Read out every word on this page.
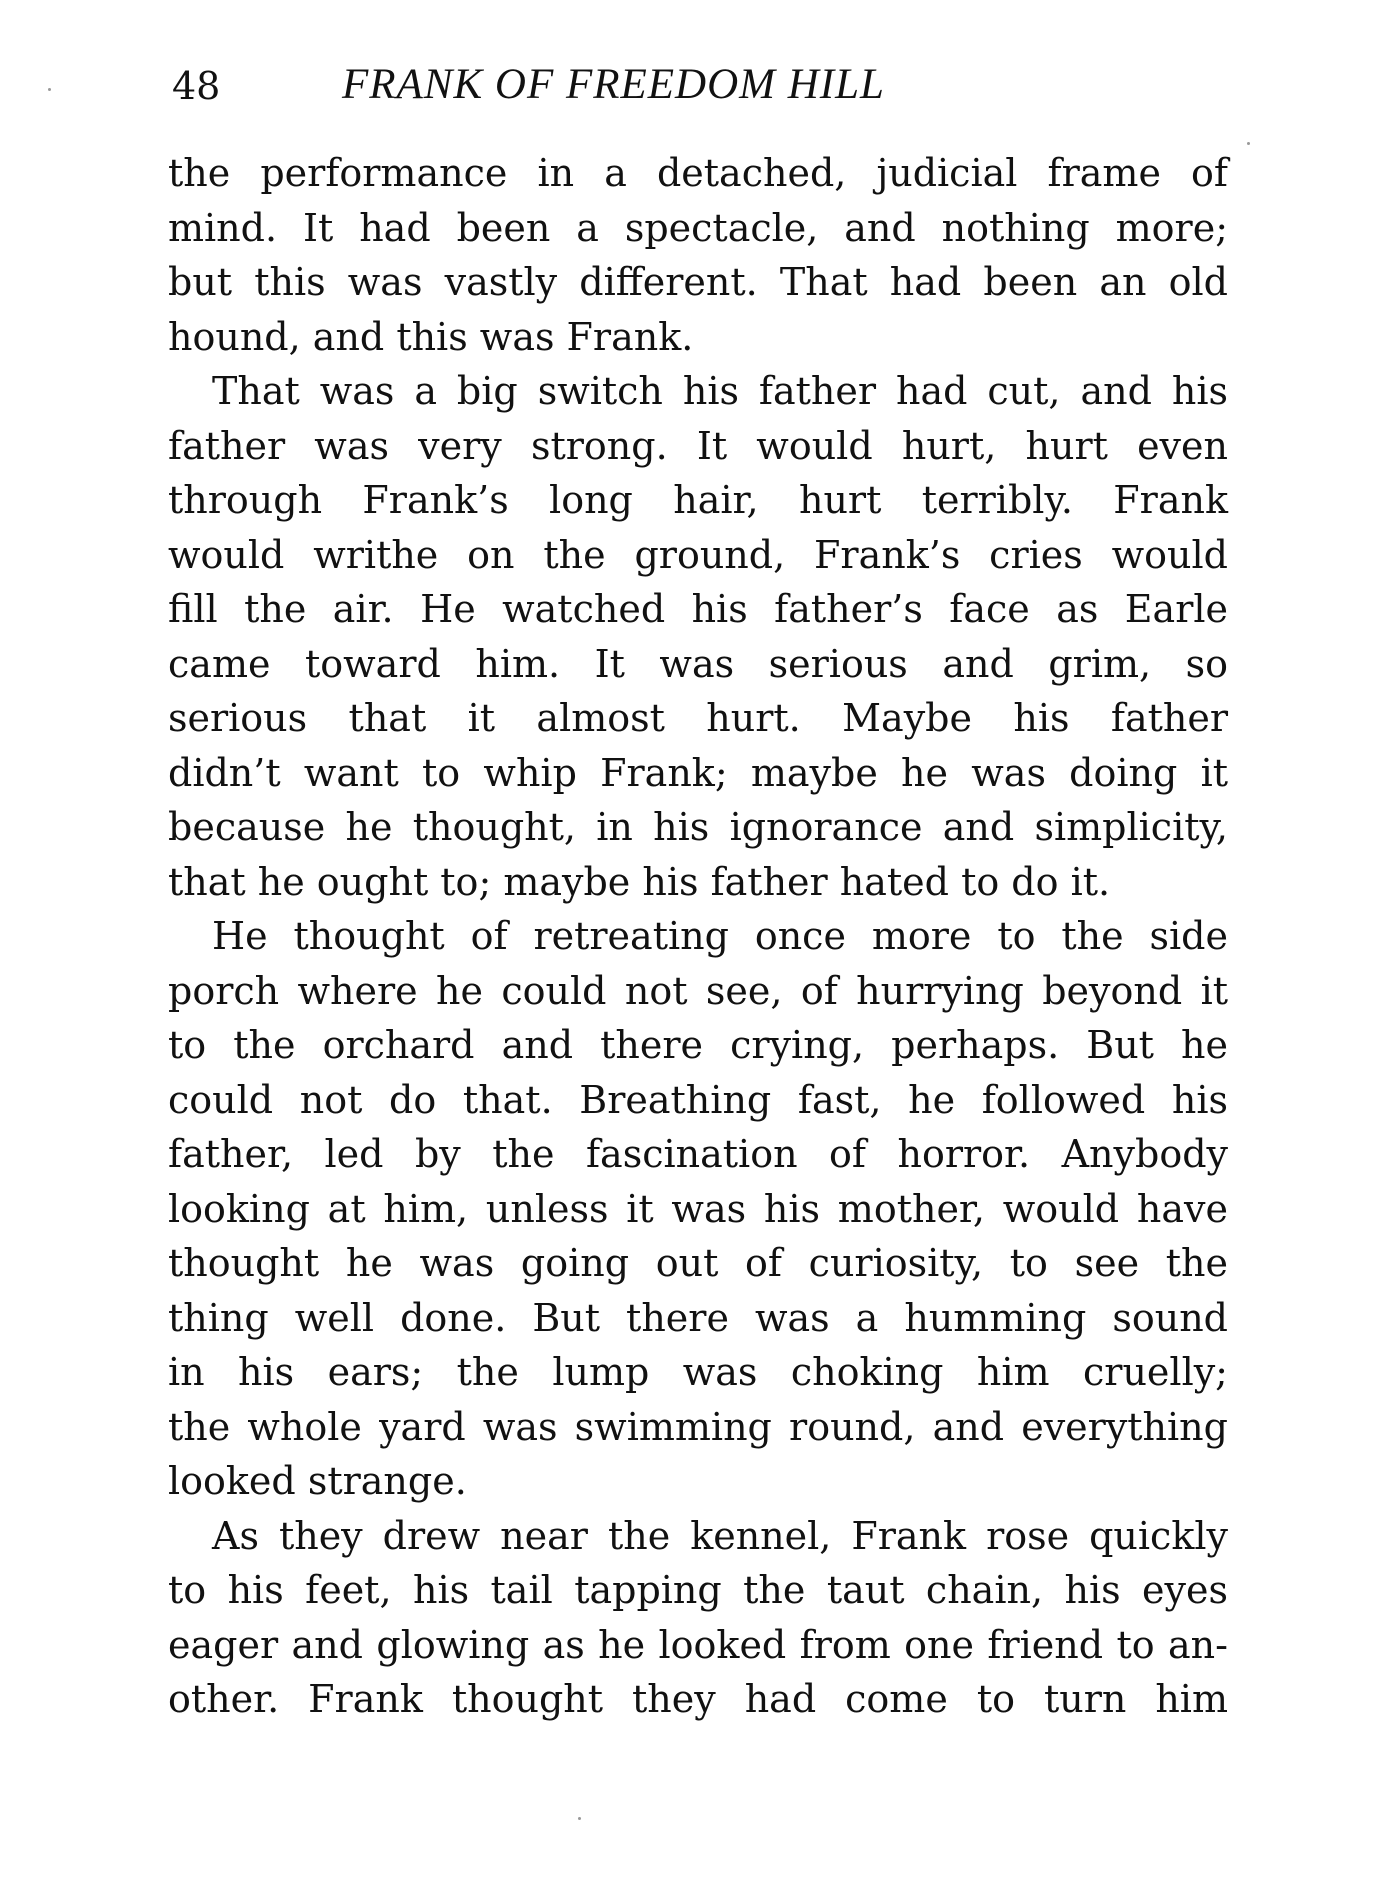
48	FRANK OF FREEDOM HILL
the performance in a detached, judicial frame of
mind. It had been a spectacle, and nothing more;
but this was vastly different. That had been an old
hound, and this was Frank.
That was a big switch his father had cut, and his
father was very strong. It would hurt, hurt even
through Frank’s long hair, hurt terribly. Frank
would writhe on the ground, Frank’s cries would
fill the air. He watched his father’s face as Earle
came toward him. It was serious and grim, so
serious that it almost hurt. Maybe his father
didn’t want to whip Frank; maybe he was doing it
because he thought, in his ignorance and simplicity,
that he ought to; maybe his father hated to do it.
He thought of retreating once more to the side
porch where he could not see, of hurrying beyond it
to the orchard and there crying, perhaps. But he
could not do that. Breathing fast, he followed his
father, led by the fascination of horror. Anybody
looking at him, unless it was his mother, would have
thought he was going out of curiosity, to see the
thing well done. But there was a humming sound
in his ears; the lump was choking him cruelly;
the whole yard was swimming round, and everything
looked strange.
As they drew near the kennel, Frank rose quickly
to his feet, his tail tapping the taut chain, his eyes
eager and glowing as he looked from one friend to an-
other. Frank thought they had come to turn him
